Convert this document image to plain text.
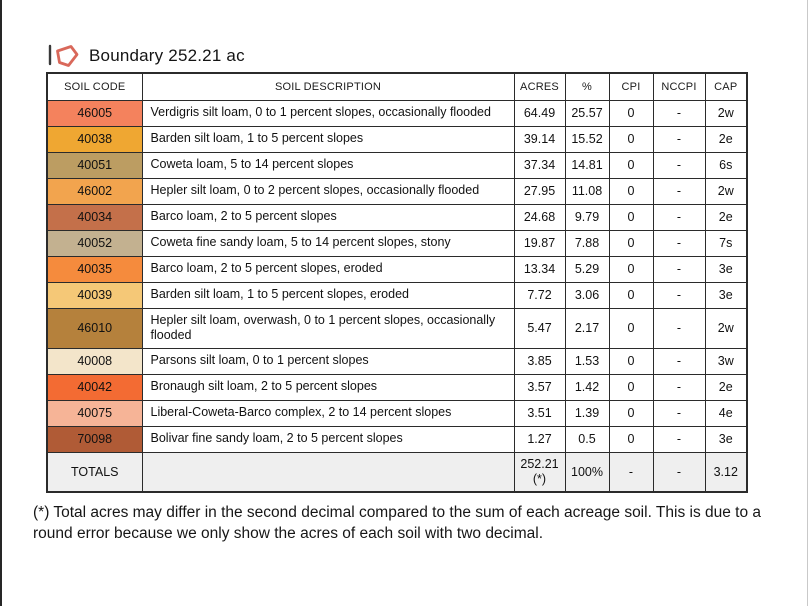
Boundary 252.21 ac
SOIL CODE	SOIL DESCRIPTION	ACRES	%	CPI	NCCPI	CAP
46005	Verdigris silt loam, 0 to 1 percent slopes, occasionally flooded	64.49	25.57	0	-	2w
40038	Barden silt loam, 1 to 5 percent slopes	39.14	15.52	0	-	2e
40051	Coweta loam, 5 to 14 percent slopes	37.34	14.81	0	-	6s
46002	Hepler silt loam, 0 to 2 percent slopes, occasionally flooded	27.95	11.08	0	-	2w
40034	Barco loam, 2 to 5 percent slopes	24.68	9.79	0	-	2e
40052	Coweta fine sandy loam, 5 to 14 percent slopes, stony	19.87	7.88	0	-	7s
40035	Barco loam, 2 to 5 percent slopes, eroded	13.34	5.29	0	-	3e
40039	Barden silt loam, 1 to 5 percent slopes, eroded	7.72	3.06	0	-	3e
46010	Hepler silt loam, overwash, 0 to 1 percent slopes, occasionally flooded	5.47	2.17	0	-	2w
40008	Parsons silt loam, 0 to 1 percent slopes	3.85	1.53	0	-	3w
40042	Bronaugh silt loam, 2 to 5 percent slopes	3.57	1.42	0	-	2e
40075	Liberal-Coweta-Barco complex, 2 to 14 percent slopes	3.51	1.39	0	-	4e
70098	Bolivar fine sandy loam, 2 to 5 percent slopes	1.27	0.5	0	-	3e
TOTALS		252.21(*)	100%	-	-	3.12
(*) Total acres may differ in the second decimal compared to the sum of each acreage soil. This is due to a round error because we only show the acres of each soil with two decimal.
